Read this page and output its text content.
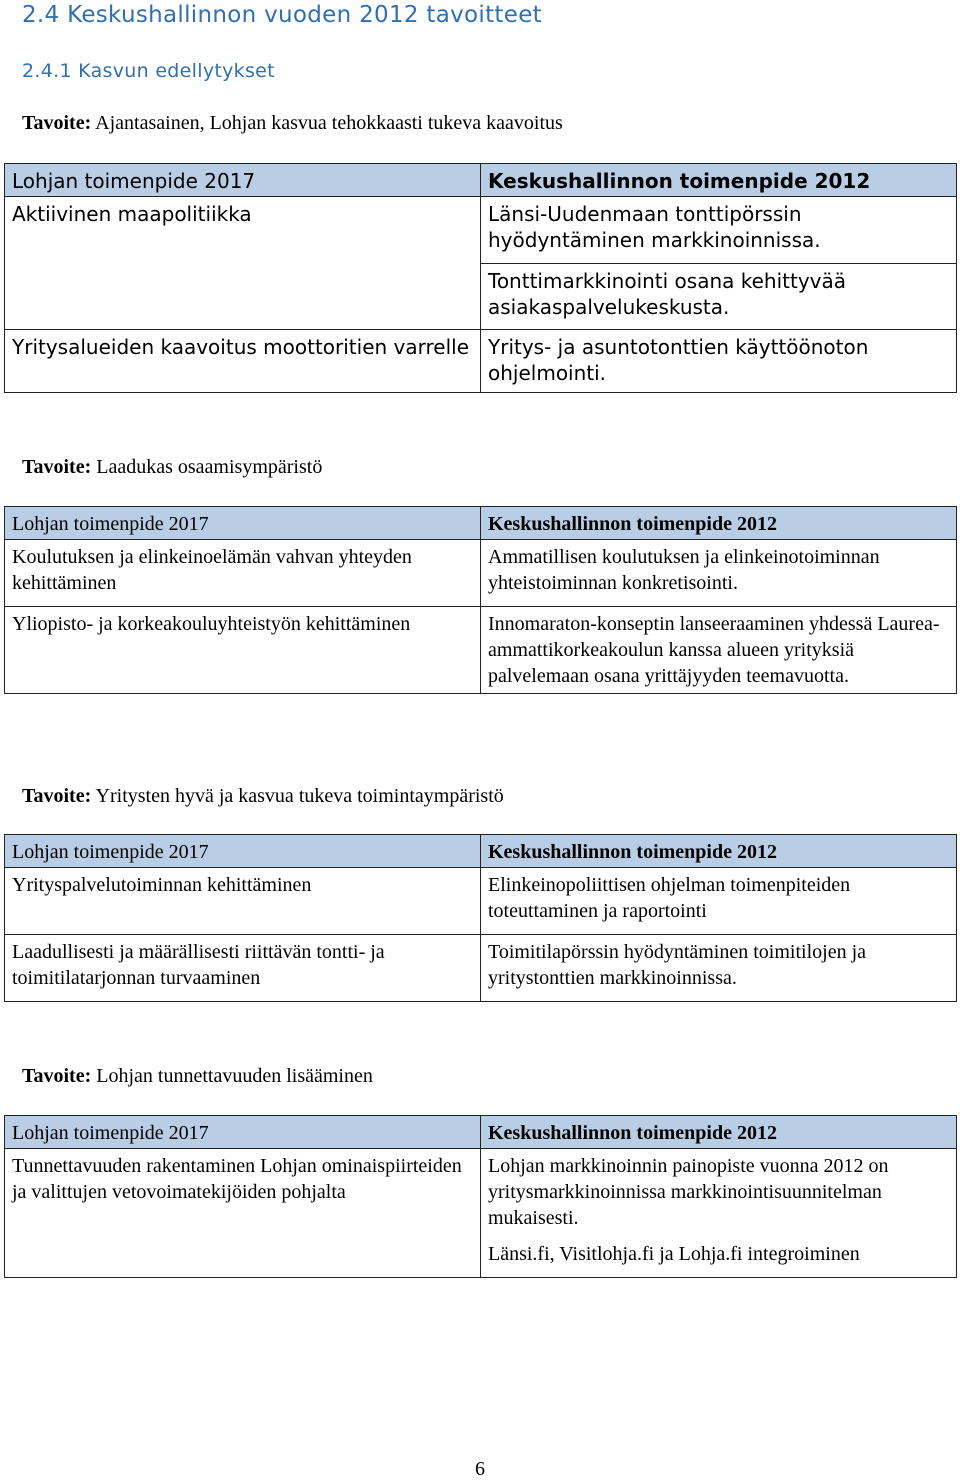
2.4 Keskushallinnon vuoden 2012 tavoitteet
2.4.1 Kasvun edellytykset
Tavoite: Ajantasainen, Lohjan kasvua tehokkaasti tukeva kaavoitus
Lohjan toimenpide 2017	Keskushallinnon toimenpide 2012
Aktiivinen maapolitiikka	Länsi-Uudenmaan tonttipörssin hyödyntäminen markkinoinnissa.
Tonttimarkkinointi osana kehittyvää asiakaspalvelukeskusta.

Yritysalueiden kaavoitus moottoritien varrelle	Yritys- ja asuntotonttien käyttöönoton ohjelmointi.
Tavoite: Laadukas osaamisympäristö
Lohjan toimenpide 2017	Keskushallinnon toimenpide 2012
Koulutuksen ja elinkeinoelämän vahvan yhteyden kehittäminen	Ammatillisen koulutuksen ja elinkeinotoiminnan yhteistoiminnan konkretisointi.
Yliopisto- ja korkeakouluyhteistyön kehittäminen	Innomaraton-konseptin lanseeraaminen yhdessä Laurea-ammattikorkeakoulun kanssa alueen yrityksiä palvelemaan osana yrittäjyyden teemavuotta.
Tavoite: Yritysten hyvä ja kasvua tukeva toimintaympäristö
Lohjan toimenpide 2017	Keskushallinnon toimenpide 2012
Yrityspalvelutoiminnan kehittäminen	Elinkeinopoliittisen ohjelman toimenpiteiden toteuttaminen ja raportointi
Laadullisesti ja määrällisesti riittävän tontti- ja toimitilatarjonnan turvaaminen	Toimitilapörssin hyödyntäminen toimitilojen ja yritystonttien markkinoinnissa.
Tavoite: Lohjan tunnettavuuden lisääminen
Lohjan toimenpide 2017	Keskushallinnon toimenpide 2012
Tunnettavuuden rakentaminen Lohjan ominaispiirteiden ja valittujen vetovoimatekijöiden pohjalta	Lohjan markkinoinnin painopiste vuonna 2012 on yritysmarkkinoinnissa markkinointisuunnitelman mukaisesti.
Länsi.fi, Visitlohja.fi ja Lohja.fi integroiminen
6
